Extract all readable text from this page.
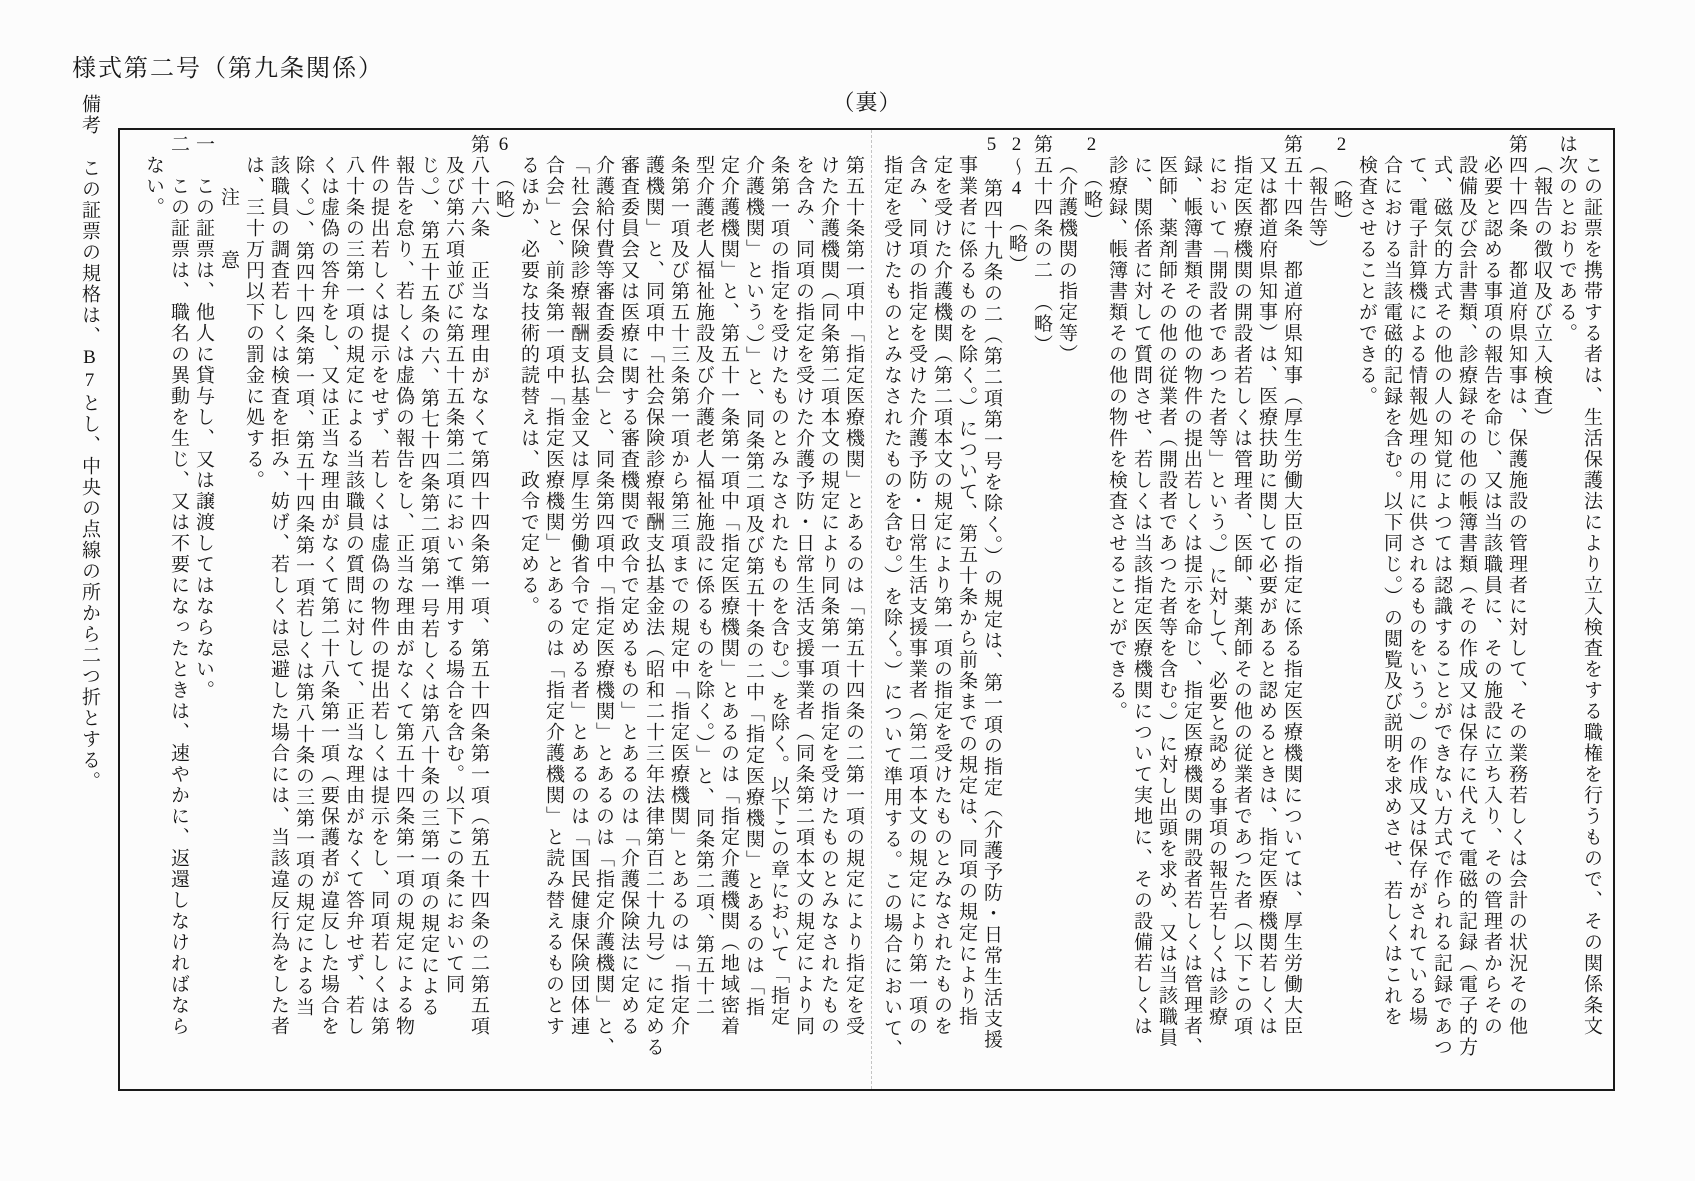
様式第二号（第九条関係）
（裏）
備考この証票の規格は、B7とし、中央の点線の所から二つ折とする。	この証票を携帯する者は、生活保護法により立入検査をする職権を行うもので、その関係条文
は次のとおりである。
（報告の徴収及び立入検査）
第四十四条　都道府県知事は、保護施設の管理者に対して、その業務若しくは会計の状況その他
必要と認める事項の報告を命じ、又は当該職員に、その施設に立ち入り、その管理者からその
設備及び会計書類、診療録その他の帳簿書類（その作成又は保存に代えて電磁的記録（電子的方
式、磁気的方式その他の人の知覚によつては認識することができない方式で作られる記録であつ
て、電子計算機による情報処理の用に供されるものをいう。）の作成又は保存がされている場
合における当該電磁的記録を含む。以下同じ。）の閲覧及び説明を求めさせ、若しくはこれを
検査させることができる。
2　（略）
（報告等）
第五十四条　都道府県知事（厚生労働大臣の指定に係る指定医療機関については、厚生労働大臣
又は都道府県知事）は、医療扶助に関して必要があると認めるときは、指定医療機関若しくは
指定医療機関の開設者若しくは管理者、医師、薬剤師その他の従業者であつた者（以下この項
において「開設者であつた者等」という。）に対して、必要と認める事項の報告若しくは診療
録、帳簿書類その他の物件の提出若しくは提示を命じ、指定医療機関の開設者若しくは管理者、
医師、薬剤師その他の従業者（開設者であつた者等を含む。）に対し出頭を求め、又は当該職員
に、関係者に対して質問させ、若しくは当該指定医療機関について実地に、その設備若しくは
診療録、帳簿書類その他の物件を検査させることができる。
2　（略）
（介護機関の指定等）
第五十四条の二　（略）
2〜4　（略）
5　第四十九条の二（第二項第一号を除く。）の規定は、第一項の指定（介護予防・日常生活支援
事業者に係るものを除く。）について、第五十条から前条までの規定は、同項の規定により指
定を受けた介護機関（第二項本文の規定により第一項の指定を受けたものとみなされたものを
含み、同項の指定を受けた介護予防・日常生活支援事業者（第二項本文の規定により第一項の
指定を受けたものとみなされたものを含む。）を除く。）について準用する。この場合において、
第五十条第一項中「指定医療機関」とあるのは「第五十四条の二第一項の規定により指定を受
けた介護機関（同条第二項本文の規定により同条第一項の指定を受けたものとみなされたもの
を含み、同項の指定を受けた介護予防・日常生活支援事業者（同条第二項本文の規定により同
条第一項の指定を受けたものとみなされたものを含む。）を除く。以下この章において「指定
介護機関」という。）」と、同条第二項及び第五十条の二中「指定医療機関」とあるのは「指
定介護機関」と、第五十一条第一項中「指定医療機関」とあるのは「指定介護機関（地域密着
型介護老人福祉施設及び介護老人福祉施設に係るものを除く。）」と、同条第二項、第五十二
条第一項及び第五十三条第一項から第三項までの規定中「指定医療機関」とあるのは「指定介
護機関」と、同項中「社会保険診療報酬支払基金法（昭和二十三年法律第百二十九号）に定める
審査委員会又は医療に関する審査機関で政令で定めるもの」とあるのは「介護保険法に定める
介護給付費等審査委員会」と、同条第四項中「指定医療機関」とあるのは「指定介護機関」と、
「社会保険診療報酬支払基金又は厚生労働省令で定める者」とあるのは「国民健康保険団体連
合会」と、前条第一項中「指定医療機関」とあるのは「指定介護機関」と読み替えるものとす
るほか、必要な技術的読替えは、政令で定める。
6　（略）
第八十六条　正当な理由がなくて第四十四条第一項、第五十四条第一項（第五十四条の二第五項
及び第六項並びに第五十五条第二項において準用する場合を含む。以下この条において同
じ。）、第五十五条の六、第七十四条第二項第一号若しくは第八十条の三第一項の規定による
報告を怠り、若しくは虚偽の報告をし、正当な理由がなくて第五十四条第一項の規定による物
件の提出若しくは提示をせず、若しくは虚偽の物件の提出若しくは提示をし、同項若しくは第
八十条の三第一項の規定による当該職員の質問に対して、正当な理由がなくて答弁せず、若し
くは虚偽の答弁をし、又は正当な理由がなくて第二十八条第一項（要保護者が違反した場合を
除く。）、第四十四条第一項、第五十四条第一項若しくは第八十条の三第一項の規定による当
該職員の調査若しくは検査を拒み、妨げ、若しくは忌避した場合には、当該違反行為をした者
は、三十万円以下の罰金に処する。
注　　意
一　この証票は、他人に貸与し、又は譲渡してはならない。
二　この証票は、職名の異動を生じ、又は不要になったときは、速やかに、返還しなければなら
ない。
